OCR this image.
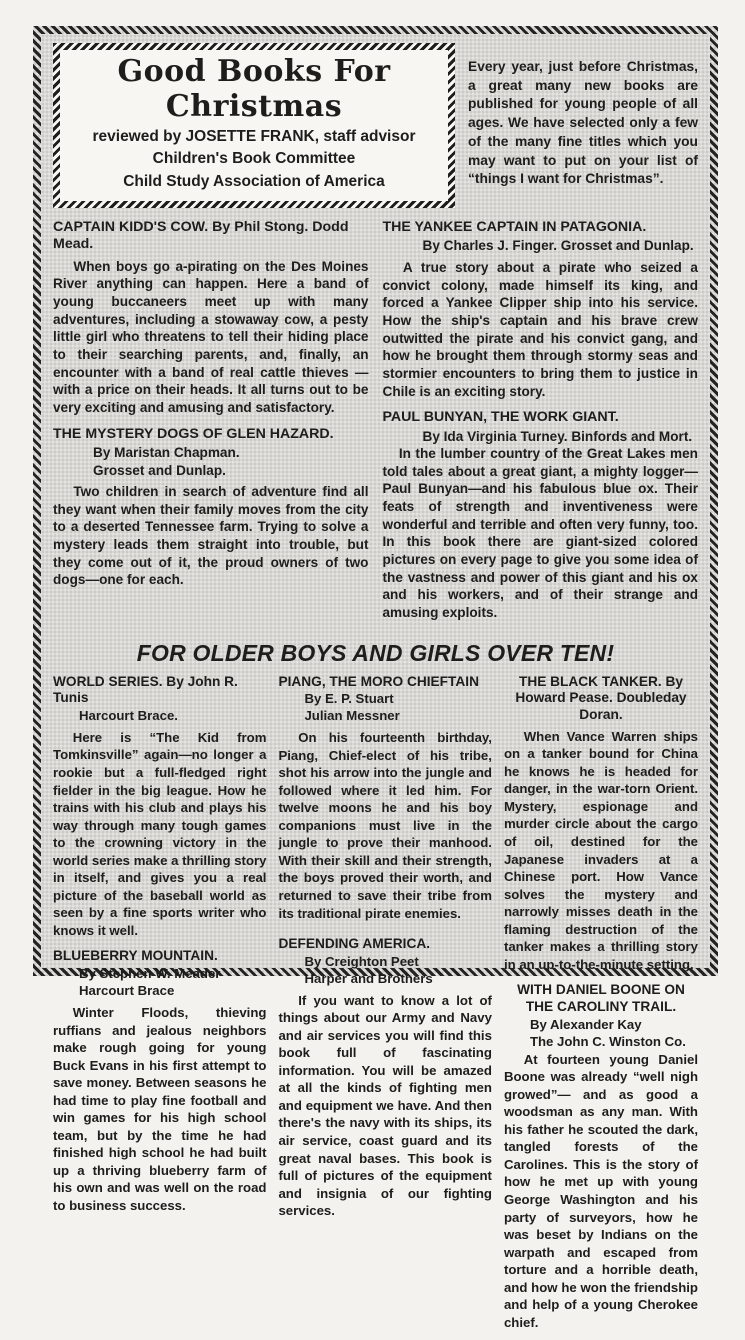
Good Books For Christmas
reviewed by JOSETTE FRANK, staff advisor
Children's Book Committee
Child Study Association of America

Every year, just before Christmas, a great many new books are published for young people of all ages. We have selected only a few of the many fine titles which you may want to put on your list of “things I want for Christmas”.

CAPTAIN KIDD'S COW. By Phil Stong. Dodd Mead.

When boys go a-pirating on the Des Moines River anything can happen. Here a band of young buccaneers meet up with many adventures, including a stowaway cow, a pesty little girl who threatens to tell their hiding place to their searching parents, and, finally, an encounter with a band of real cattle thieves —with a price on their heads. It all turns out to be very exciting and amusing and satisfactory.

THE MYSTERY DOGS OF GLEN HAZARD.
By Maristan Chapman.
Grosset and Dunlap.

Two children in search of adventure find all they want when their family moves from the city to a deserted Tennessee farm. Trying to solve a mystery leads them straight into trouble, but they come out of it, the proud owners of two dogs—one for each.

THE YANKEE CAPTAIN IN PATAGONIA.
By Charles J. Finger. Grosset and Dunlap.

A true story about a pirate who seized a convict colony, made himself its king, and forced a Yankee Clipper ship into his service. How the ship's captain and his brave crew outwitted the pirate and his convict gang, and how he brought them through stormy seas and stormier encounters to bring them to justice in Chile is an exciting story.

PAUL BUNYAN, THE WORK GIANT.
By Ida Virginia Turney. Binfords and Mort.

In the lumber country of the Great Lakes men told tales about a great giant, a mighty logger—Paul Bunyan—and his fabulous blue ox. Their feats of strength and inventiveness were wonderful and terrible and often very funny, too. In this book there are giant-sized colored pictures on every page to give you some idea of the vastness and power of this giant and his ox and his workers, and of their strange and amusing exploits.

FOR OLDER BOYS AND GIRLS OVER TEN!
WORLD SERIES. By John R. Tunis
Harcourt Brace.

Here is “The Kid from Tomkinsville” again—no longer a rookie but a full-fledged right fielder in the big league. How he trains with his club and plays his way through many tough games to the crowning victory in the world series make a thrilling story in itself, and gives you a real picture of the baseball world as seen by a fine sports writer who knows it well.

BLUEBERRY MOUNTAIN.
By Stephen W. Meader
Harcourt Brace

Winter Floods, thieving ruffians and jealous neighbors make rough going for young Buck Evans in his first attempt to save money. Between seasons he had time to play fine football and win games for his high school team, but by the time he had finished high school he had built up a thriving blueberry farm of his own and was well on the road to business success.

PIANG, THE MORO CHIEFTAIN
By E. P. Stuart
Julian Messner

On his fourteenth birthday, Piang, Chief-elect of his tribe, shot his arrow into the jungle and followed where it led him. For twelve moons he and his boy companions must live in the jungle to prove their manhood. With their skill and their strength, the boys proved their worth, and returned to save their tribe from its traditional pirate enemies.

DEFENDING AMERICA.
By Creighton Peet
Harper and Brothers

If you want to know a lot of things about our Army and Navy and air services you will find this book full of fascinating information. You will be amazed at all the kinds of fighting men and equipment we have. And then there's the navy with its ships, its air service, coast guard and its great naval bases. This book is full of pictures of the equipment and insignia of our fighting services.

THE BLACK TANKER. By Howard Pease. Doubleday Doran.

When Vance Warren ships on a tanker bound for China he knows he is headed for danger, in the war-torn Orient. Mystery, espionage and murder circle about the cargo of oil, destined for the Japanese invaders at a Chinese port. How Vance solves the mystery and narrowly misses death in the flaming destruction of the tanker makes a thrilling story in an up-to-the-minute setting.

WITH DANIEL BOONE ON THE CAROLINY TRAIL.
By Alexander Kay
The John C. Winston Co.

At fourteen young Daniel Boone was already “well nigh growed”— and as good a woodsman as any man. With his father he scouted the dark, tangled forests of the Carolines. This is the story of how he met up with young George Washington and his party of surveyors, how he was beset by Indians on the warpath and escaped from torture and a horrible death, and how he won the friendship and help of a young Cherokee chief.
